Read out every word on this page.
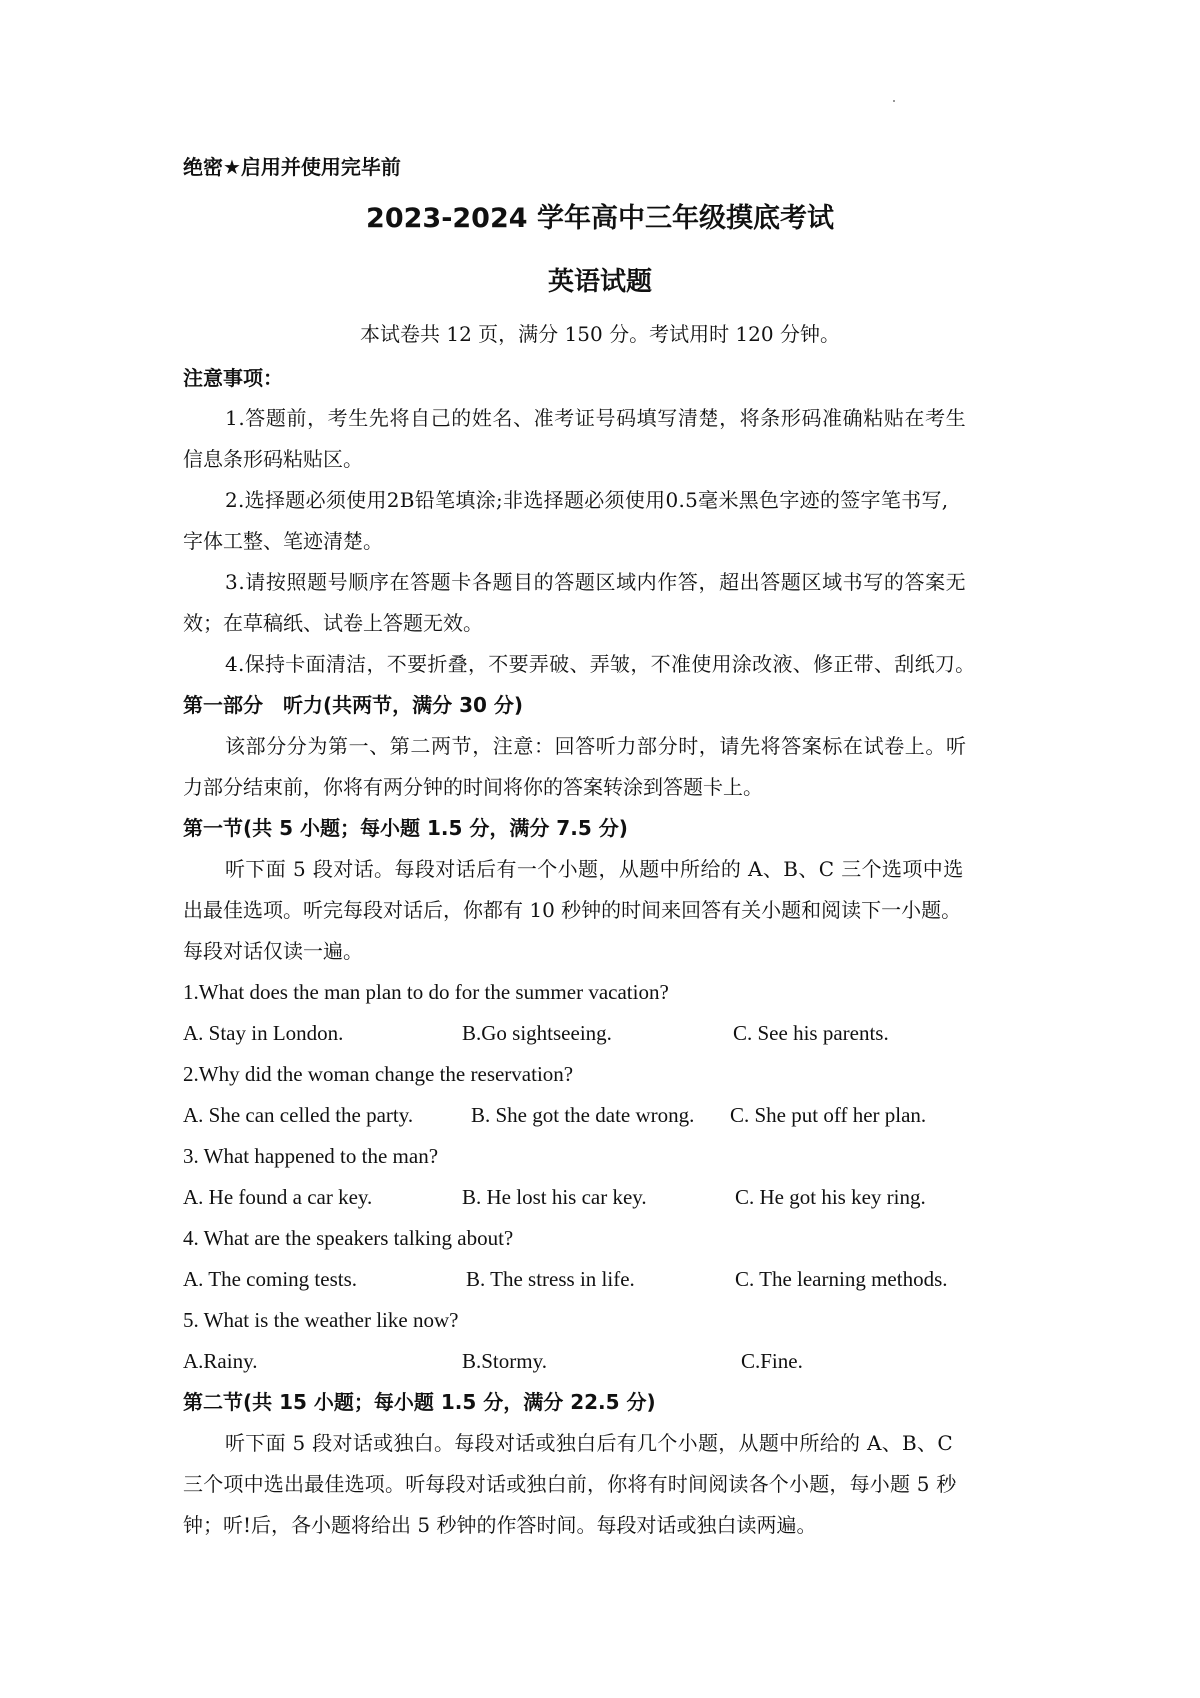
绝密★启用并使用完毕前
2023-2024 学年高中三年级摸底考试
英语试题
本试卷共 12 页，满分 150 分。考试用时 120 分钟。
注意事项：
1.答题前，考生先将自己的姓名、准考证号码填写清楚，将条形码准确粘贴在考生
信息条形码粘贴区。
2.选择题必须使用2B铅笔填涂;非选择题必须使用0.5毫米黑色字迹的签字笔书写,
字体工整、笔迹清楚。
3.请按照题号顺序在答题卡各题目的答题区域内作答，超出答题区域书写的答案无
效；在草稿纸、试卷上答题无效。
4.保持卡面清洁，不要折叠，不要弄破、弄皱，不准使用涂改液、修正带、刮纸刀。
第一部分　听力(共两节，满分 30 分)
该部分分为第一、第二两节，注意：回答听力部分时，请先将答案标在试卷上。听
力部分结束前，你将有两分钟的时间将你的答案转涂到答题卡上。
第一节(共 5 小题；每小题 1.5 分，满分 7.5 分)
听下面 5 段对话。每段对话后有一个小题，从题中所给的 A、B、C 三个选项中选
出最佳选项。听完每段对话后，你都有 10 秒钟的时间来回答有关小题和阅读下一小题。
每段对话仅读一遍。
1.What does the man plan to do for the summer vacation?
A. Stay in London.	B.Go sightseeing.	C. See his parents.
2.Why did the woman change the reservation?
A. She can celled the party.	B. She got the date wrong. C. She put off her plan.
3. What happened to the man?
A. He found a car key.	B. He lost his car key.	C. He got his key ring.
4. What are the speakers talking about?
A. The coming tests.	B. The stress in life.	C. The learning methods.
5. What is the weather like now?
A.Rainy.	B.Stormy.	C.Fine.
第二节(共 15 小题；每小题 1.5 分，满分 22.5 分)
听下面 5 段对话或独白。每段对话或独白后有几个小题，从题中所给的 A、B、C
三个项中选出最佳选项。听每段对话或独白前，你将有时间阅读各个小题，每小题 5 秒
钟；听!后，各小题将给出 5 秒钟的作答时间。每段对话或独白读两遍。
